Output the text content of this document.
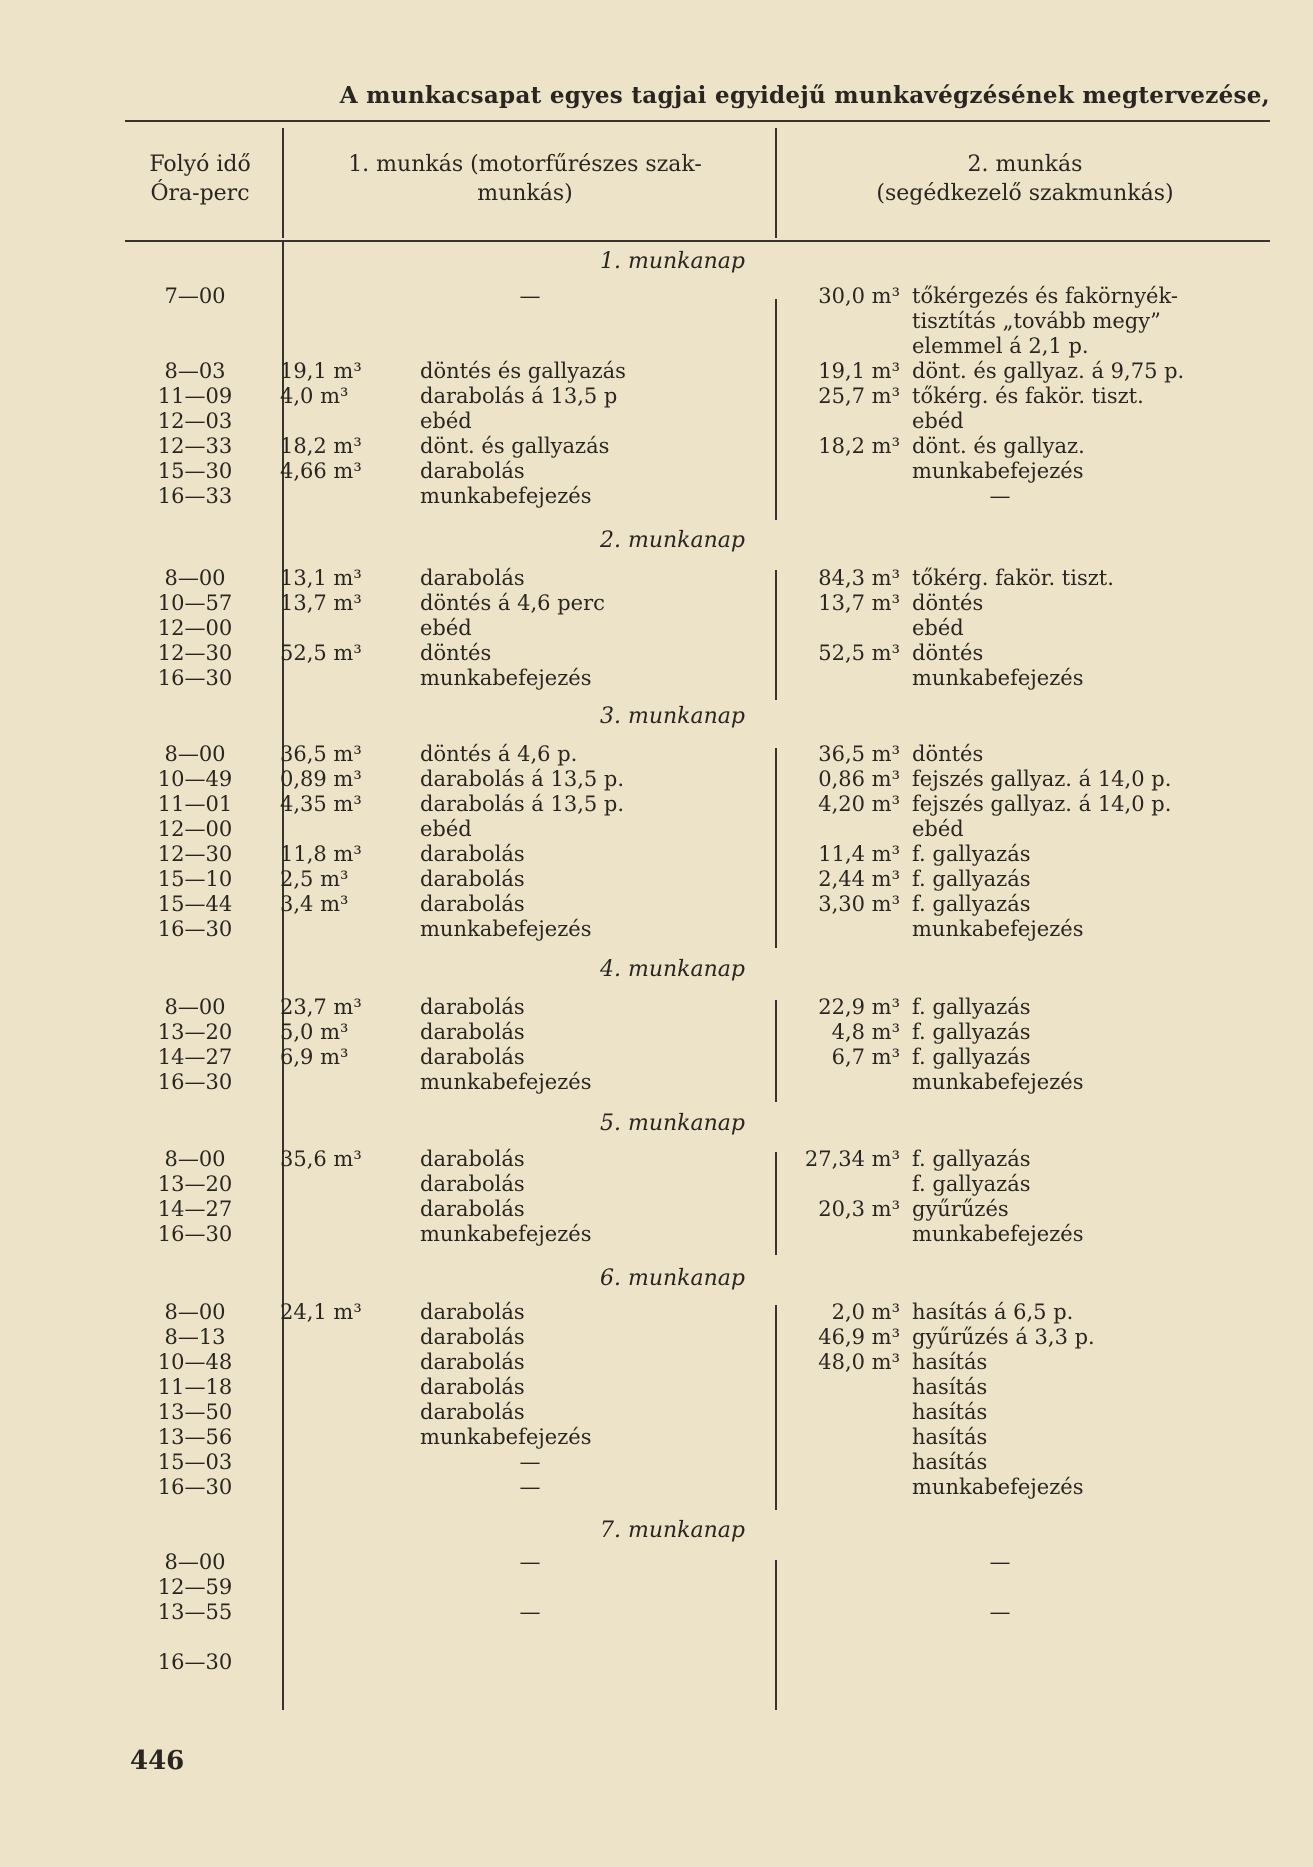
A munkacsapat egyes tagjai egyidejű munkavégzésének megtervezése,
Folyó idő
Óra-perc
1. munkás (motorfűrészes szak-
munkás)
2. munkás
(segédkezelő szakmunkás)
1. munkanap
7—00	—	30,0 m³ tőkérgezés és fakörnyék-
tisztítás „tovább megy”
elemmel á 2,1 p.
8—03	19,1 m³	döntés és gallyazás	19,1 m³ dönt. és gallyaz. á 9,75 p.
11—09	4,0 m³	darabolás á 13,5 p	25,7 m³ tőkérg. és fakör. tiszt.
12—03	ebéd	ebéd
12—33	18,2 m³	dönt. és gallyazás	18,2 m³ dönt. és gallyaz.
15—30	4,66 m³	darabolás	munkabefejezés
16—33	munkabefejezés	—
2. munkanap
8—00	13,1 m³	darabolás	84,3 m³ tőkérg. fakör. tiszt.
10—57	13,7 m³	döntés á 4,6 perc	13,7 m³ döntés
12—00	ebéd	ebéd
12—30	52,5 m³	döntés	52,5 m³ döntés
16—30	munkabefejezés	munkabefejezés
3. munkanap
8—00	36,5 m³	döntés á 4,6 p.	36,5 m³ döntés
10—49	0,89 m³	darabolás á 13,5 p.	0,86 m³ fejszés gallyaz. á 14,0 p.
11—01	4,35 m³	darabolás á 13,5 p.	4,20 m³ fejszés gallyaz. á 14,0 p.
12—00	ebéd	ebéd
12—30	11,8 m³	darabolás	11,4 m³ f. gallyazás
15—10	2,5 m³	darabolás	2,44 m³ f. gallyazás
15—44	3,4 m³	darabolás	3,30 m³ f. gallyazás
16—30	munkabefejezés	munkabefejezés
4. munkanap
8—00	23,7 m³	darabolás	22,9 m³ f. gallyazás
13—20	5,0 m³	darabolás	4,8 m³ f. gallyazás
14—27	6,9 m³	darabolás	6,7 m³ f. gallyazás
16—30	munkabefejezés	munkabefejezés
5. munkanap
8—00	35,6 m³	darabolás	27,34 m³ f. gallyazás
13—20	darabolás	f. gallyazás
14—27	darabolás	20,3 m³ gyűrűzés
16—30	munkabefejezés	munkabefejezés
6. munkanap
8—00	24,1 m³	darabolás	2,0 m³ hasítás á 6,5 p.
8—13	darabolás	46,9 m³ gyűrűzés á 3,3 p.
10—48	darabolás	48,0 m³ hasítás
11—18	darabolás	hasítás
13—50	darabolás	hasítás
13—56	munkabefejezés	hasítás
15—03	—	hasítás
16—30	—	munkabefejezés
7. munkanap
8—00	—	—
12—59
13—55	—	—
16—30
446
